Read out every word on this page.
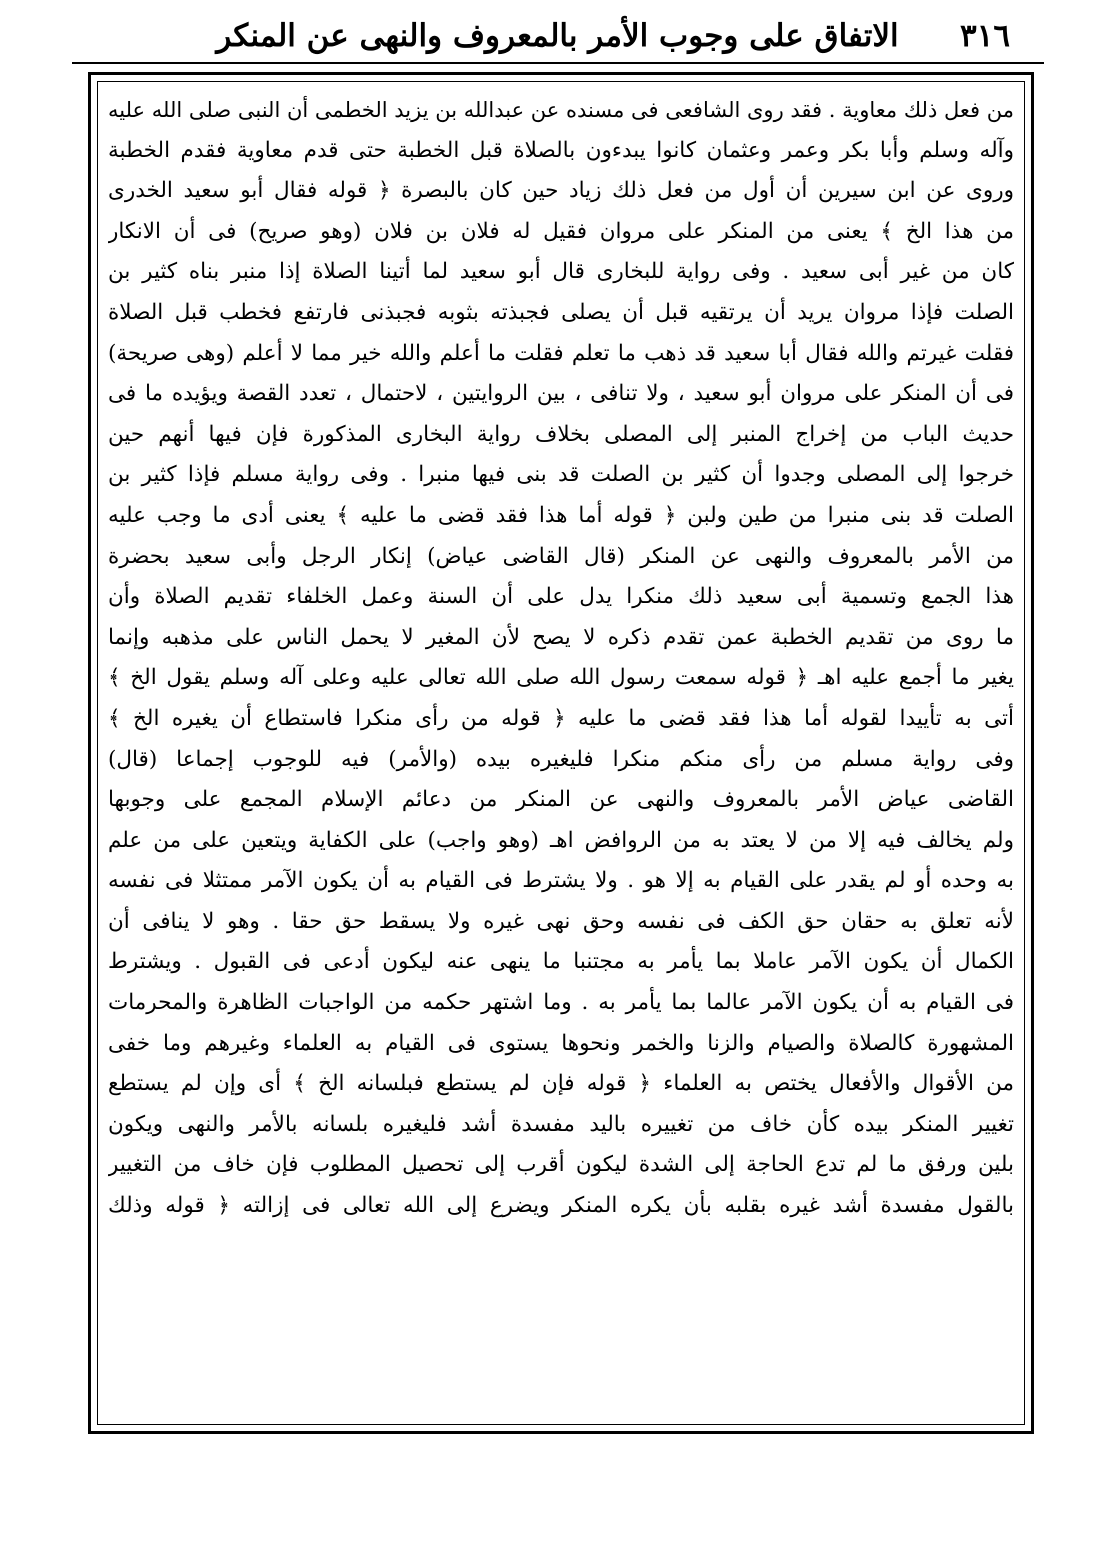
الاتفاق على وجوب الأمر بالمعروف والنهى عن المنكر	٣١٦
من فعل ذلك معاوية . فقد روى الشافعى فى مسنده عن عبدالله بن يزيد الخطمى أن النبى صلى الله عليه
وآله وسلم وأبا بكر وعمر وعثمان كانوا يبدءون بالصلاة قبل الخطبة حتى قدم معاوية فقدم الخطبة
وروى عن ابن سيرين أن أول من فعل ذلك زياد حين كان بالبصرة ﴿ قوله فقال أبو سعيد الخدرى
من هذا الخ ﴾ يعنى من المنكر على مروان فقيل له فلان بن فلان (وهو صريح) فى أن الانكار
كان من غير أبى سعيد . وفى رواية للبخارى قال أبو سعيد لما أتينا الصلاة إذا منبر بناه كثير بن
الصلت فإذا مروان يريد أن يرتقيه قبل أن يصلى فجبذته بثوبه فجبذنى فارتفع فخطب قبل الصلاة
فقلت غيرتم والله فقال أبا سعيد قد ذهب ما تعلم فقلت ما أعلم والله خير مما لا أعلم (وهى صريحة)
فى أن المنكر على مروان أبو سعيد ، ولا تنافى ، بين الروايتين ، لاحتمال ، تعدد القصة ويؤيده ما فى
حديث الباب من إخراج المنبر إلى المصلى بخلاف رواية البخارى المذكورة فإن فيها أنهم حين
خرجوا إلى المصلى وجدوا أن كثير بن الصلت قد بنى فيها منبرا . وفى رواية مسلم فإذا كثير بن
الصلت قد بنى منبرا من طين ولبن ﴿ قوله أما هذا فقد قضى ما عليه ﴾ يعنى أدى ما وجب عليه
من الأمر بالمعروف والنهى عن المنكر (قال القاضى عياض) إنكار الرجل وأبى سعيد بحضرة
هذا الجمع وتسمية أبى سعيد ذلك منكرا يدل على أن السنة وعمل الخلفاء تقديم الصلاة وأن
ما روى من تقديم الخطبة عمن تقدم ذكره لا يصح لأن المغير لا يحمل الناس على مذهبه وإنما
يغير ما أجمع عليه اهـ ﴿ قوله سمعت رسول الله صلى الله تعالى عليه وعلى آله وسلم يقول الخ ﴾
أتى به تأييدا لقوله أما هذا فقد قضى ما عليه ﴿ قوله من رأى منكرا فاستطاع أن يغيره الخ ﴾
وفى رواية مسلم من رأى منكم منكرا فليغيره بيده (والأمر) فيه للوجوب إجماعا (قال)
القاضى عياض الأمر بالمعروف والنهى عن المنكر من دعائم الإسلام المجمع على وجوبها
ولم يخالف فيه إلا من لا يعتد به من الروافض اهـ (وهو واجب) على الكفاية ويتعين على من علم
به وحده أو لم يقدر على القيام به إلا هو . ولا يشترط فى القيام به أن يكون الآمر ممتثلا فى نفسه
لأنه تعلق به حقان حق الكف فى نفسه وحق نهى غيره ولا يسقط حق حقا . وهو لا ينافى أن
الكمال أن يكون الآمر عاملا بما يأمر به مجتنبا ما ينهى عنه ليكون أدعى فى القبول . ويشترط
فى القيام به أن يكون الآمر عالما بما يأمر به . وما اشتهر حكمه من الواجبات الظاهرة والمحرمات
المشهورة كالصلاة والصيام والزنا والخمر ونحوها يستوى فى القيام به العلماء وغيرهم وما خفى
من الأقوال والأفعال يختص به العلماء ﴿ قوله فإن لم يستطع فبلسانه الخ ﴾ أى وإن لم يستطع
تغيير المنكر بيده كأن خاف من تغييره باليد مفسدة أشد فليغيره بلسانه بالأمر والنهى ويكون
بلين ورفق ما لم تدع الحاجة إلى الشدة ليكون أقرب إلى تحصيل المطلوب فإن خاف من التغيير
بالقول مفسدة أشد غيره بقلبه بأن يكره المنكر ويضرع إلى الله تعالى فى إزالته ﴿ قوله وذلك
